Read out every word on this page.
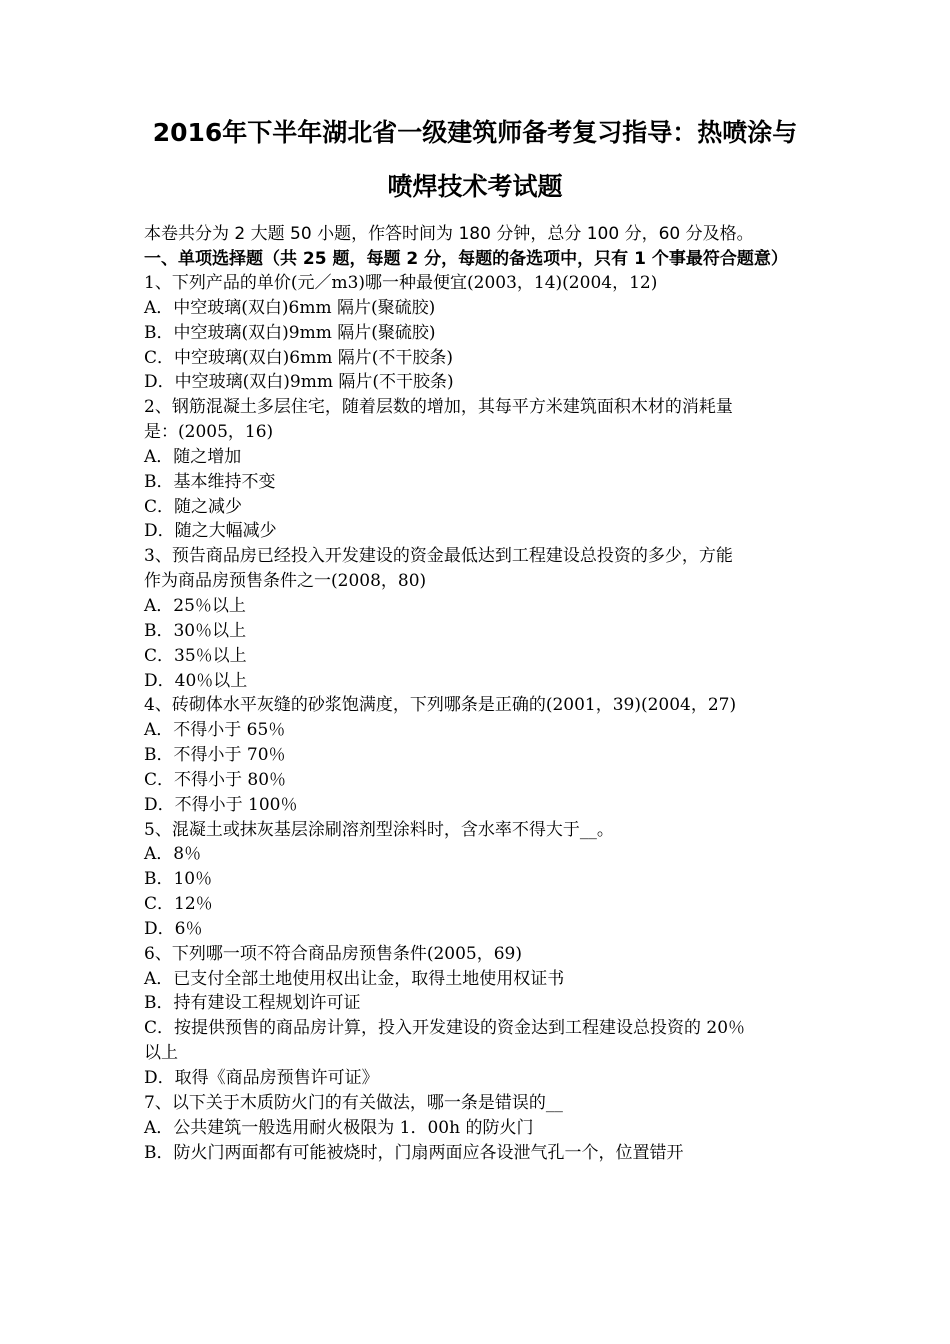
2016年下半年湖北省一级建筑师备考复习指导：热喷涂与
喷焊技术考试题

本卷共分为 2 大题 50 小题，作答时间为 180 分钟，总分 100 分，60 分及格。

一、单项选择题（共 25 题，每题 2 分，每题的备选项中，只有 1 个事最符合题意）

1、下列产品的单价(元／m3)哪一种最便宜(2003，14)(2004，12)
A．中空玻璃(双白)6mm 隔片(聚硫胶)
B．中空玻璃(双白)9mm 隔片(聚硫胶)
C．中空玻璃(双白)6mm 隔片(不干胶条)
D．中空玻璃(双白)9mm 隔片(不干胶条)
2、钢筋混凝土多层住宅，随着层数的增加，其每平方米建筑面积木材的消耗量
是：(2005，16)
A．随之增加
B．基本维持不变
C．随之减少
D．随之大幅减少
3、预告商品房已经投入开发建设的资金最低达到工程建设总投资的多少，方能
作为商品房预售条件之一(2008，80)
A．25％以上
B．30％以上
C．35％以上
D．40％以上
4、砖砌体水平灰缝的砂浆饱满度，下列哪条是正确的(2001，39)(2004，27)
A．不得小于 65％
B．不得小于 70％
C．不得小于 80％
D．不得小于 100％
5、混凝土或抹灰基层涂刷溶剂型涂料时，含水率不得大于__。
A．8％
B．10％
C．12％
D．6％
6、下列哪一项不符合商品房预售条件(2005，69)
A．已支付全部土地使用权出让金，取得土地使用权证书
B．持有建设工程规划许可证
C．按提供预售的商品房计算，投入开发建设的资金达到工程建设总投资的 20％
以上
D．取得《商品房预售许可证》
7、以下关于木质防火门的有关做法，哪一条是错误的__
A．公共建筑一般选用耐火极限为 1．00h 的防火门
B．防火门两面都有可能被烧时，门扇两面应各设泄气孔一个，位置错开
